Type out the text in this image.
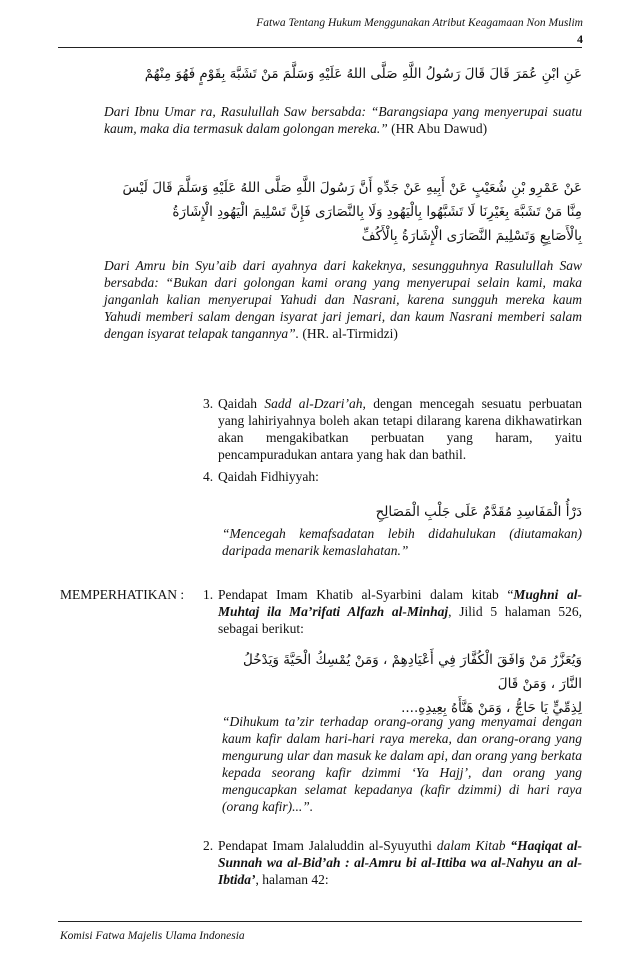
Fatwa Tentang Hukum Menggunakan Atribut Keagamaan Non Muslim
4
عَنِ ابْنِ عُمَرَ قَالَ قَالَ رَسُولُ اللَّهِ صَلَّى اللهُ عَلَيْهِ وَسَلَّمَ مَنْ تَشَبَّهَ بِقَوْمٍ فَهُوَ مِنْهُمْ
Dari Ibnu Umar ra, Rasulullah Saw bersabda: “Barangsiapa yang menyerupai suatu kaum, maka dia termasuk dalam golongan mereka.” (HR Abu Dawud)
عَنْ عَمْرِو بْنِ شُعَيْبٍ عَنْ أَبِيهِ عَنْ جَدِّهِ أَنَّ رَسُولَ اللَّهِ صَلَّى اللهُ عَلَيْهِ وَسَلَّمَ قَالَ لَيْسَ
مِنَّا مَنْ تَشَبَّهَ بِغَيْرِنَا لَا تَشَبَّهُوا بِالْيَهُودِ وَلَا بِالنَّصَارَى فَإِنَّ تَسْلِيمَ الْيَهُودِ الْإِشَارَةُ
بِالْأَصَابِعِ وَتَسْلِيمَ النَّصَارَى الْإِشَارَةُ بِالْأَكُفِّ
Dari Amru bin Syu’aib dari ayahnya dari kakeknya, sesungguhnya Rasulullah Saw bersabda: “Bukan dari golongan kami orang yang menyerupai selain kami, maka janganlah kalian menyerupai Yahudi dan Nasrani, karena sungguh mereka kaum Yahudi memberi salam dengan isyarat jari jemari, dan kaum Nasrani memberi salam dengan isyarat telapak tangannya”. (HR. al-Tirmidzi)
3. Qaidah Sadd al-Dzari’ah, dengan mencegah sesuatu perbuatan yang lahiriyahnya boleh akan tetapi dilarang karena dikhawatirkan akan mengakibatkan perbuatan yang haram, yaitu pencampuradukan antara yang hak dan bathil.
4. Qaidah Fidhiyyah:
دَرْأُ الْمَفَاسِدِ مُقَدَّمٌ عَلَى جَلْبِ الْمَصَالِحِ
“Mencegah kemafsadatan lebih didahulukan (diutamakan) daripada menarik kemaslahatan.”
MEMPERHATIKAN : 1. Pendapat Imam Khatib al-Syarbini dalam kitab “Mughni al-Muhtaj ila Ma’rifati Alfazh al-Minhaj, Jilid 5 halaman 526, sebagai berikut:
وَيُعَزَّرُ مَنْ وَافَقَ الْكُفَّارَ فِي أَعْيَادِهِمْ ، وَمَنْ يُمْسِكُ الْحَيَّةَ وَيَدْخُلُ النَّارَ ، وَمَنْ قَالَ
لِذِمِّيٍّ يَا حَاجُّ ، وَمَنْ هَنَّأَهُ بِعِيدِهِ....
“Dihukum ta’zir terhadap orang-orang yang menyamai dengan kaum kafir dalam hari-hari raya mereka, dan orang-orang yang mengurung ular dan masuk ke dalam api, dan orang yang berkata kepada seorang kafir dzimmi ‘Ya Hajj’, dan orang yang mengucapkan selamat kepadanya (kafir dzimmi) di hari raya (orang kafir)...”.
2. Pendapat Imam Jalaluddin al-Syuyuthi dalam Kitab “Haqiqat al-Sunnah wa al-Bid’ah : al-Amru bi al-Ittiba wa al-Nahyu an al-Ibtida’, halaman 42:
Komisi Fatwa Majelis Ulama Indonesia
